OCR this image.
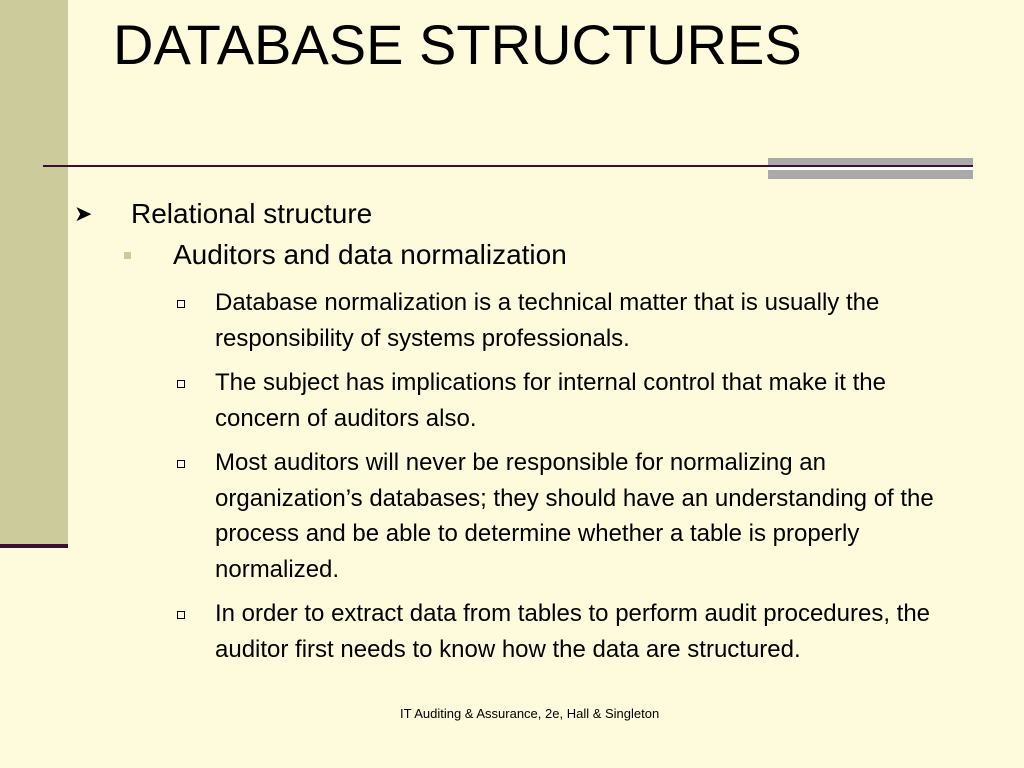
DATABASE STRUCTURES
➤ Relational structure
Auditors and data normalization
Database normalization is a technical matter that is usually the responsibility of systems professionals.
The subject has implications for internal control that make it the concern of auditors also.
Most auditors will never be responsible for normalizing an organization’s databases; they should have an understanding of the process and be able to determine whether a table is properly normalized.
In order to extract data from tables to perform audit procedures, the auditor first needs to know how the data are structured.
IT Auditing & Assurance, 2e, Hall & Singleton
